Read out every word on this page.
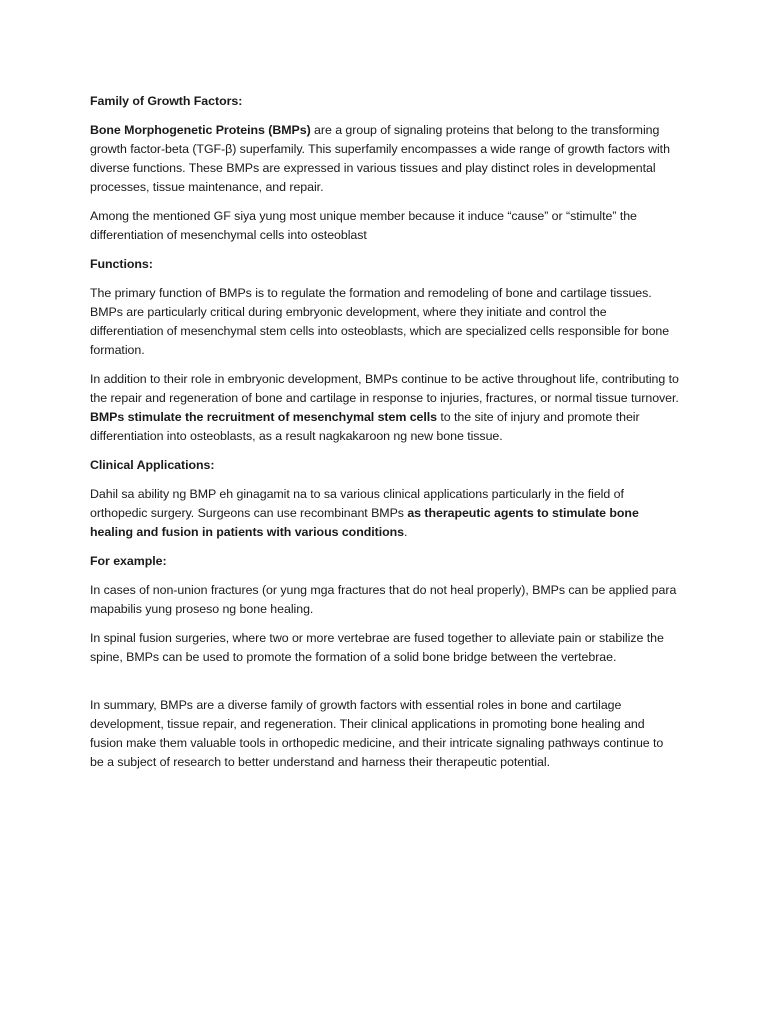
Family of Growth Factors:

Bone Morphogenetic Proteins (BMPs) are a group of signaling proteins that belong to the transforming growth factor-beta (TGF-β) superfamily. This superfamily encompasses a wide range of growth factors with diverse functions. These BMPs are expressed in various tissues and play distinct roles in developmental processes, tissue maintenance, and repair.

Among the mentioned GF siya yung most unique member because it induce “cause” or “stimulte” the differentiation of mesenchymal cells into osteoblast

Functions:

The primary function of BMPs is to regulate the formation and remodeling of bone and cartilage tissues. BMPs are particularly critical during embryonic development, where they initiate and control the differentiation of mesenchymal stem cells into osteoblasts, which are specialized cells responsible for bone formation.

In addition to their role in embryonic development, BMPs continue to be active throughout life, contributing to the repair and regeneration of bone and cartilage in response to injuries, fractures, or normal tissue turnover. BMPs stimulate the recruitment of mesenchymal stem cells to the site of injury and promote their differentiation into osteoblasts, as a result nagkakaroon ng new bone tissue.

Clinical Applications:

Dahil sa ability ng BMP eh ginagamit na to sa various clinical applications particularly in the field of orthopedic surgery. Surgeons can use recombinant BMPs as therapeutic agents to stimulate bone healing and fusion in patients with various conditions.

For example:

In cases of non-union fractures (or yung mga fractures that do not heal properly), BMPs can be applied para mapabilis yung proseso ng bone healing.

In spinal fusion surgeries, where two or more vertebrae are fused together to alleviate pain or stabilize the spine, BMPs can be used to promote the formation of a solid bone bridge between the vertebrae.

In summary, BMPs are a diverse family of growth factors with essential roles in bone and cartilage development, tissue repair, and regeneration. Their clinical applications in promoting bone healing and fusion make them valuable tools in orthopedic medicine, and their intricate signaling pathways continue to be a subject of research to better understand and harness their therapeutic potential.
